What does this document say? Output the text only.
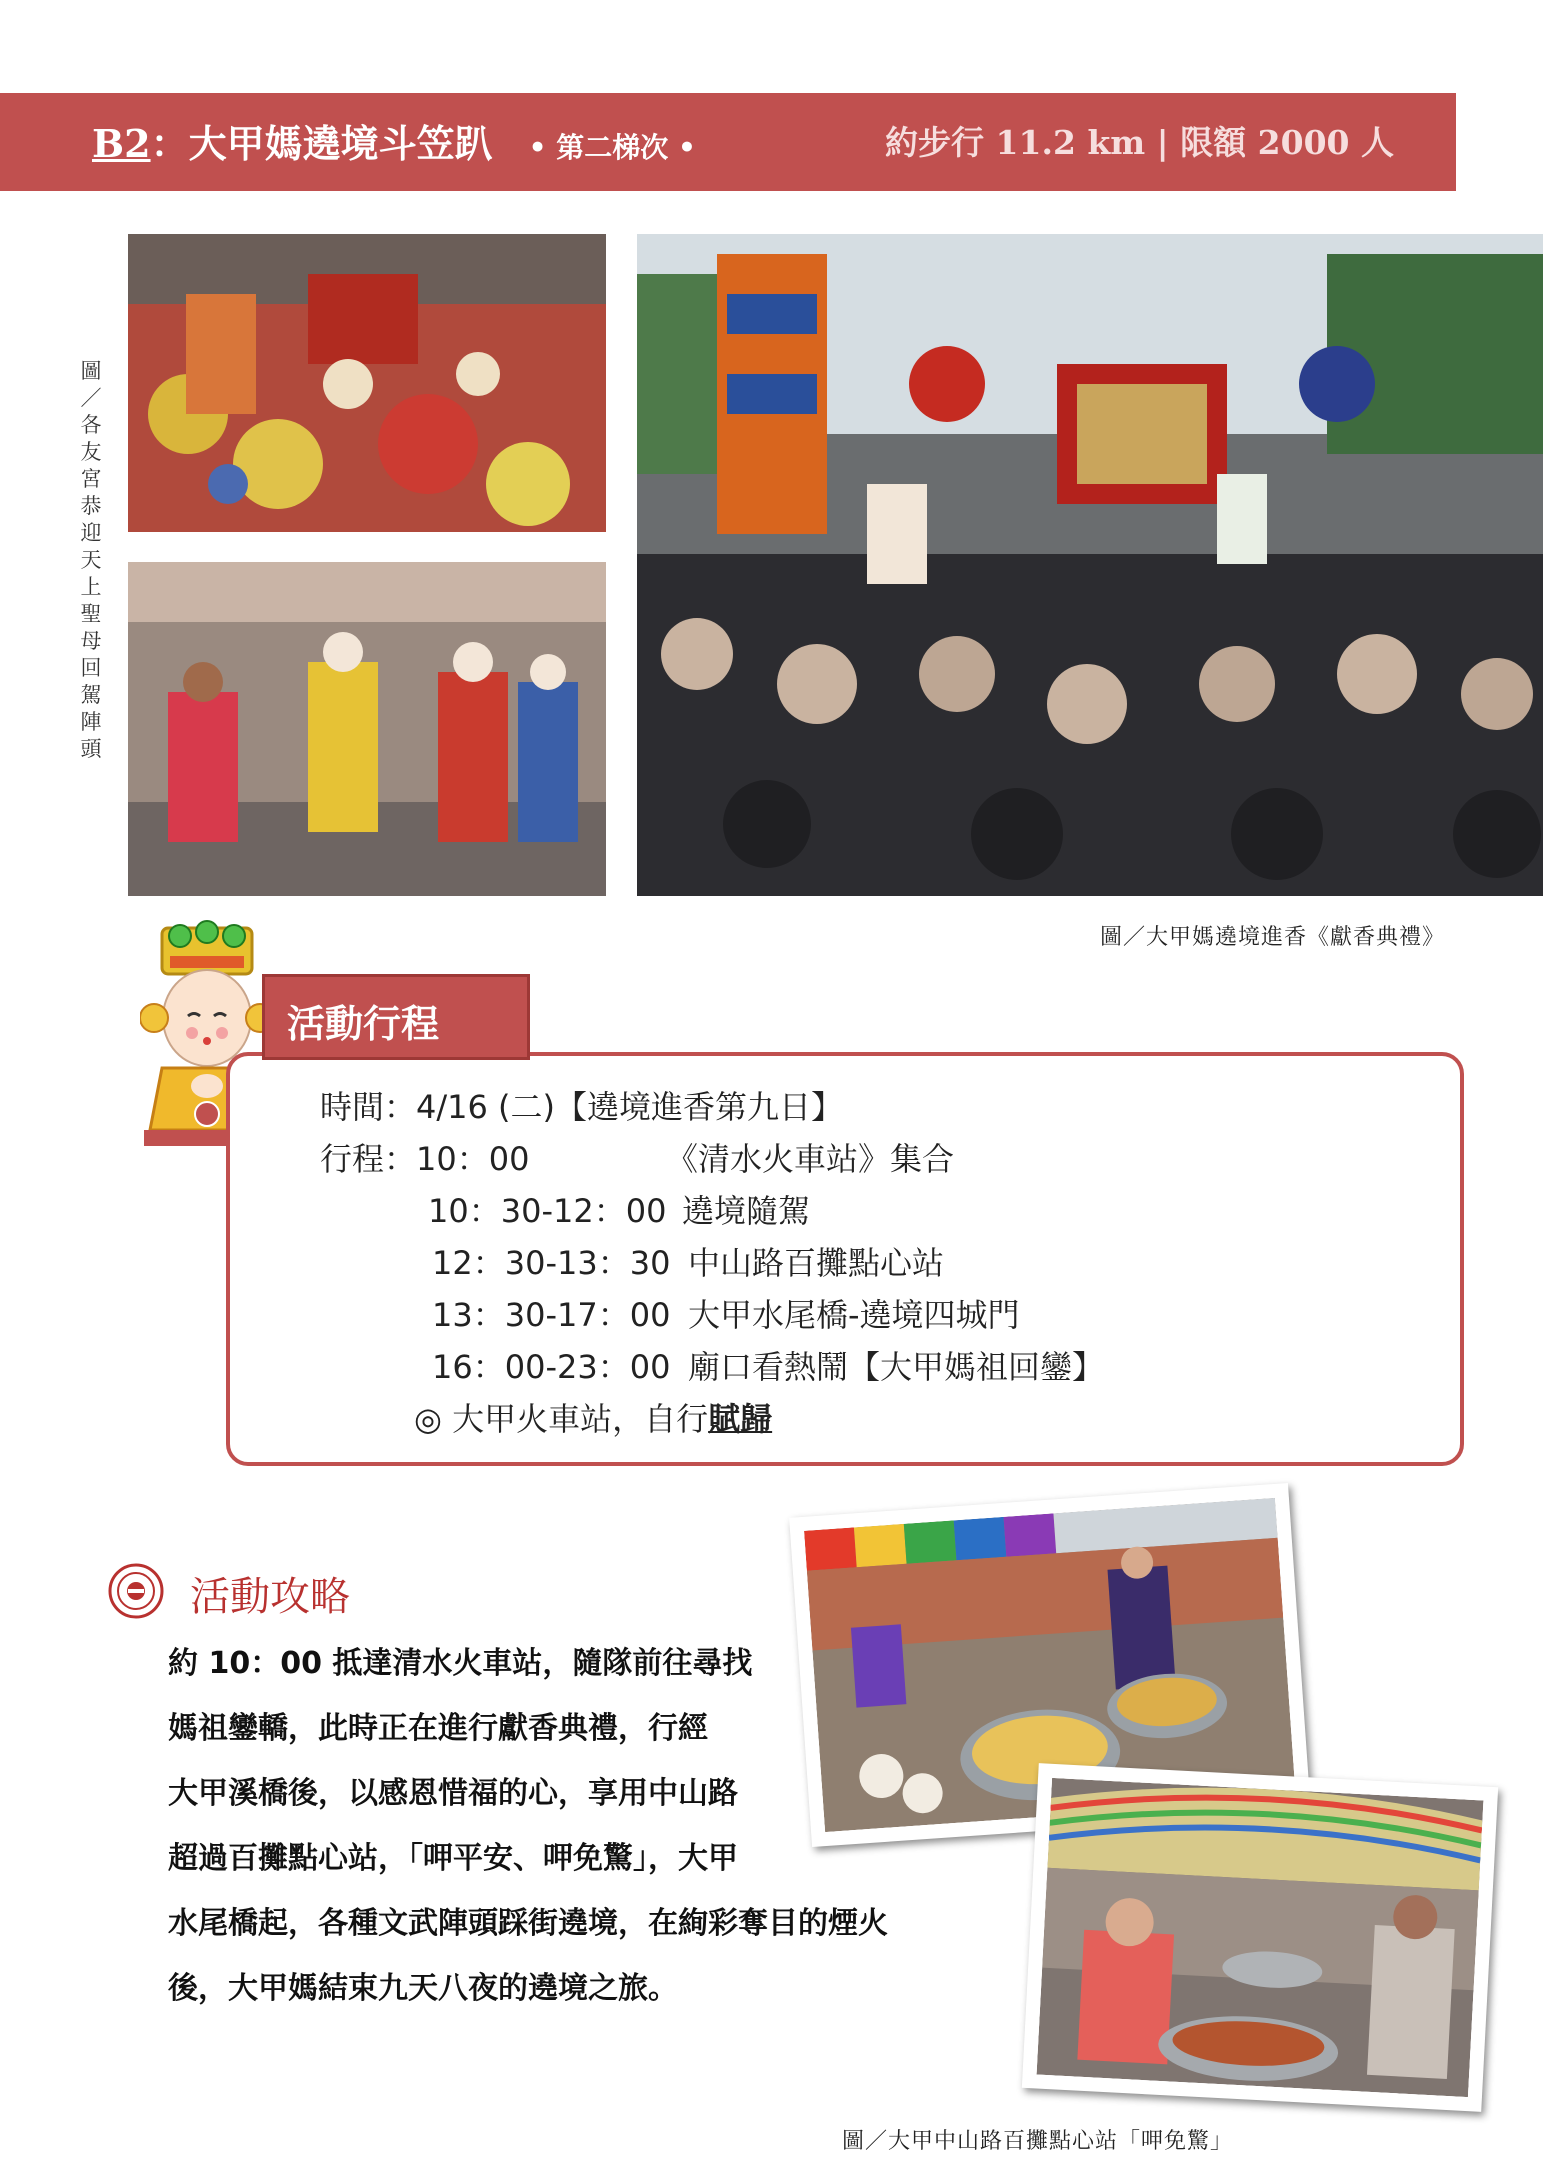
B2：大甲媽遶境斗笠趴 • 第二梯次 •	約步行 11.2 km | 限額 2000 人
圖／各友宮恭迎天上聖母回駕陣頭
圖／大甲媽遶境進香《獻香典禮》
活動行程
時間：4/16 (二)【遶境進香第九日】
行程：10：00	《清水火車站》集合
10：30-12：00 遶境隨駕
12：30-13：30 中山路百攤點心站
13：30-17：00 大甲水尾橋-遶境四城門
16：00-23：00 廟口看熱鬧【大甲媽祖回鑾】
◎ 大甲火車站，自行賦歸
活動攻略
約 10：00 抵達清水火車站，隨隊前往尋找
媽祖鑾轎，此時正在進行獻香典禮，行經
大甲溪橋後，以感恩惜福的心，享用中山路
超過百攤點心站，「呷平安、呷免驚」，大甲
水尾橋起，各種文武陣頭踩街遶境，在絢彩奪目的煙火
後，大甲媽結束九天八夜的遶境之旅。
圖／大甲中山路百攤點心站「呷免驚」
